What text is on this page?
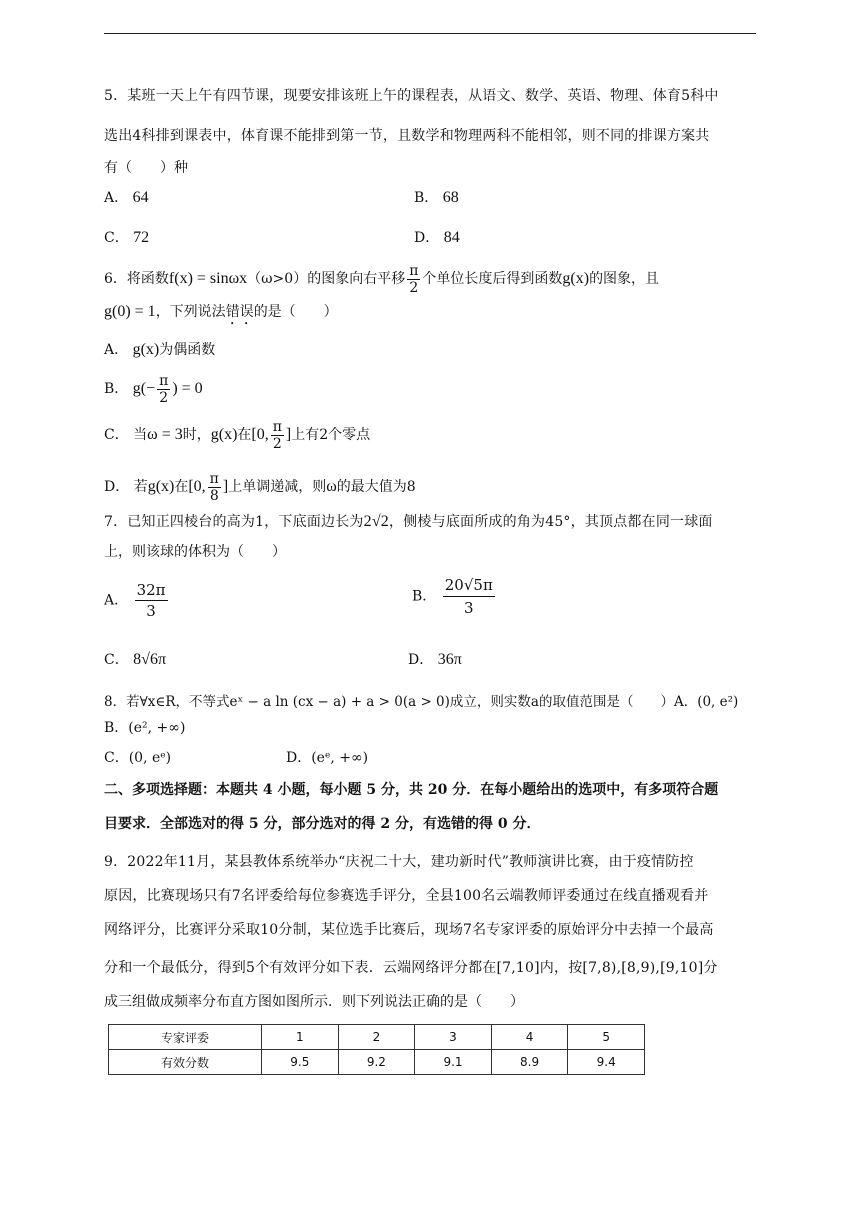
5．某班一天上午有四节课，现要安排该班上午的课程表，从语文、数学、英语、物理、体育5科中
选出4科排到课表中，体育课不能排到第一节，且数学和物理两科不能相邻，则不同的排课方案共
有（　　）种
A． 64	B． 68
C． 72	D． 84
6．将函数f(x) = sinωx（ω>0）的图象向右平移 $\frac{\pi}{2}$ 个单位长度后得到函数g(x)的图象，且
g(0) = 1，下列说法错误的是（　　）
A． g(x)为偶函数
B． $g(- \frac{\pi}{2}$ ) = 0
C． 当ω = 3时，g(x)在[0, $\frac{\pi}{2}$ ]上有2个零点
D． 若g(x)在[0, $\frac{\pi}{8}$ ]上单调递减，则ω的最大值为8
7．已知正四棱台的高为1，下底面边长为2√2，侧棱与底面所成的角为45°，其顶点都在同一球面
上，则该球的体积为（　　）
A． $\frac{32\pi}{3}$	B． $\frac{20√5\pi}{3}$
C． 8√6π	D． 36π
8．若∀x∈R，不等式eˣ − a ln (cx − a) + a > 0(a > 0)成立，则实数a的取值范围是（　　）A．(0, e²)
B．(e², +∞)
C．(0, eᵉ)	D．(eᵉ, +∞)
二、多项选择题：本题共 4 小题，每小题 5 分，共 20 分．在每小题给出的选项中，有多项符合题
目要求．全部选对的得 5 分，部分选对的得 2 分，有选错的得 0 分．
9．2022年11月，某县教体系统举办“庆祝二十大，建功新时代”教师演讲比赛，由于疫情防控
原因，比赛现场只有7名评委给每位参赛选手评分，全县100名云端教师评委通过在线直播观看并
网络评分，比赛评分采取10分制，某位选手比赛后，现场7名专家评委的原始评分中去掉一个最高
分和一个最低分，得到5个有效评分如下表．云端网络评分都在[7,10]内，按[7,8),[8,9),[9,10]分
成三组做成频率分布直方图如图所示．则下列说法正确的是（　　）
专家评委	1	2	3	4	5
有效分数	9.5	9.2	9.1	8.9	9.4
